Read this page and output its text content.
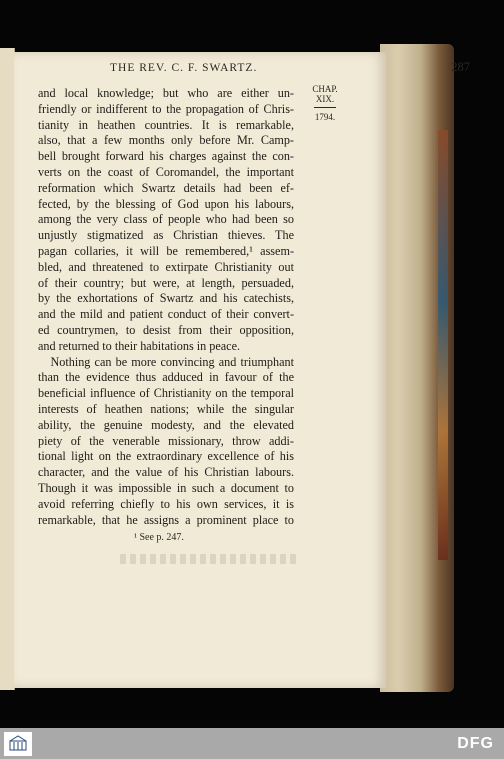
THE REV. C. F. SWARTZ.	287
CHAP.
XIX.
1794.
and local knowledge; but who are either un-
friendly or indifferent to the propagation of Chris-
tianity in heathen countries. It is remarkable,
also, that a few months only before Mr. Camp-
bell brought forward his charges against the con-
verts on the coast of Coromandel, the important
reformation which Swartz details had been ef-
fected, by the blessing of God upon his labours,
among the very class of people who had been so
unjustly stigmatized as Christian thieves. The
pagan collaries, it will be remembered,¹ assem-
bled, and threatened to extirpate Christianity out
of their country; but were, at length, persuaded,
by the exhortations of Swartz and his catechists,
and the mild and patient conduct of their convert-
ed countrymen, to desist from their opposition,
and returned to their habitations in peace.
Nothing can be more convincing and triumphant
than the evidence thus adduced in favour of the
beneficial influence of Christianity on the temporal
interests of heathen nations; while the singular
ability, the genuine modesty, and the elevated
piety of the venerable missionary, throw addi-
tional light on the extraordinary excellence of his
character, and the value of his Christian labours.
Though it was impossible in such a document to
avoid referring chiefly to his own services, it is
remarkable, that he assigns a prominent place to
¹ See p. 247.
DFG
